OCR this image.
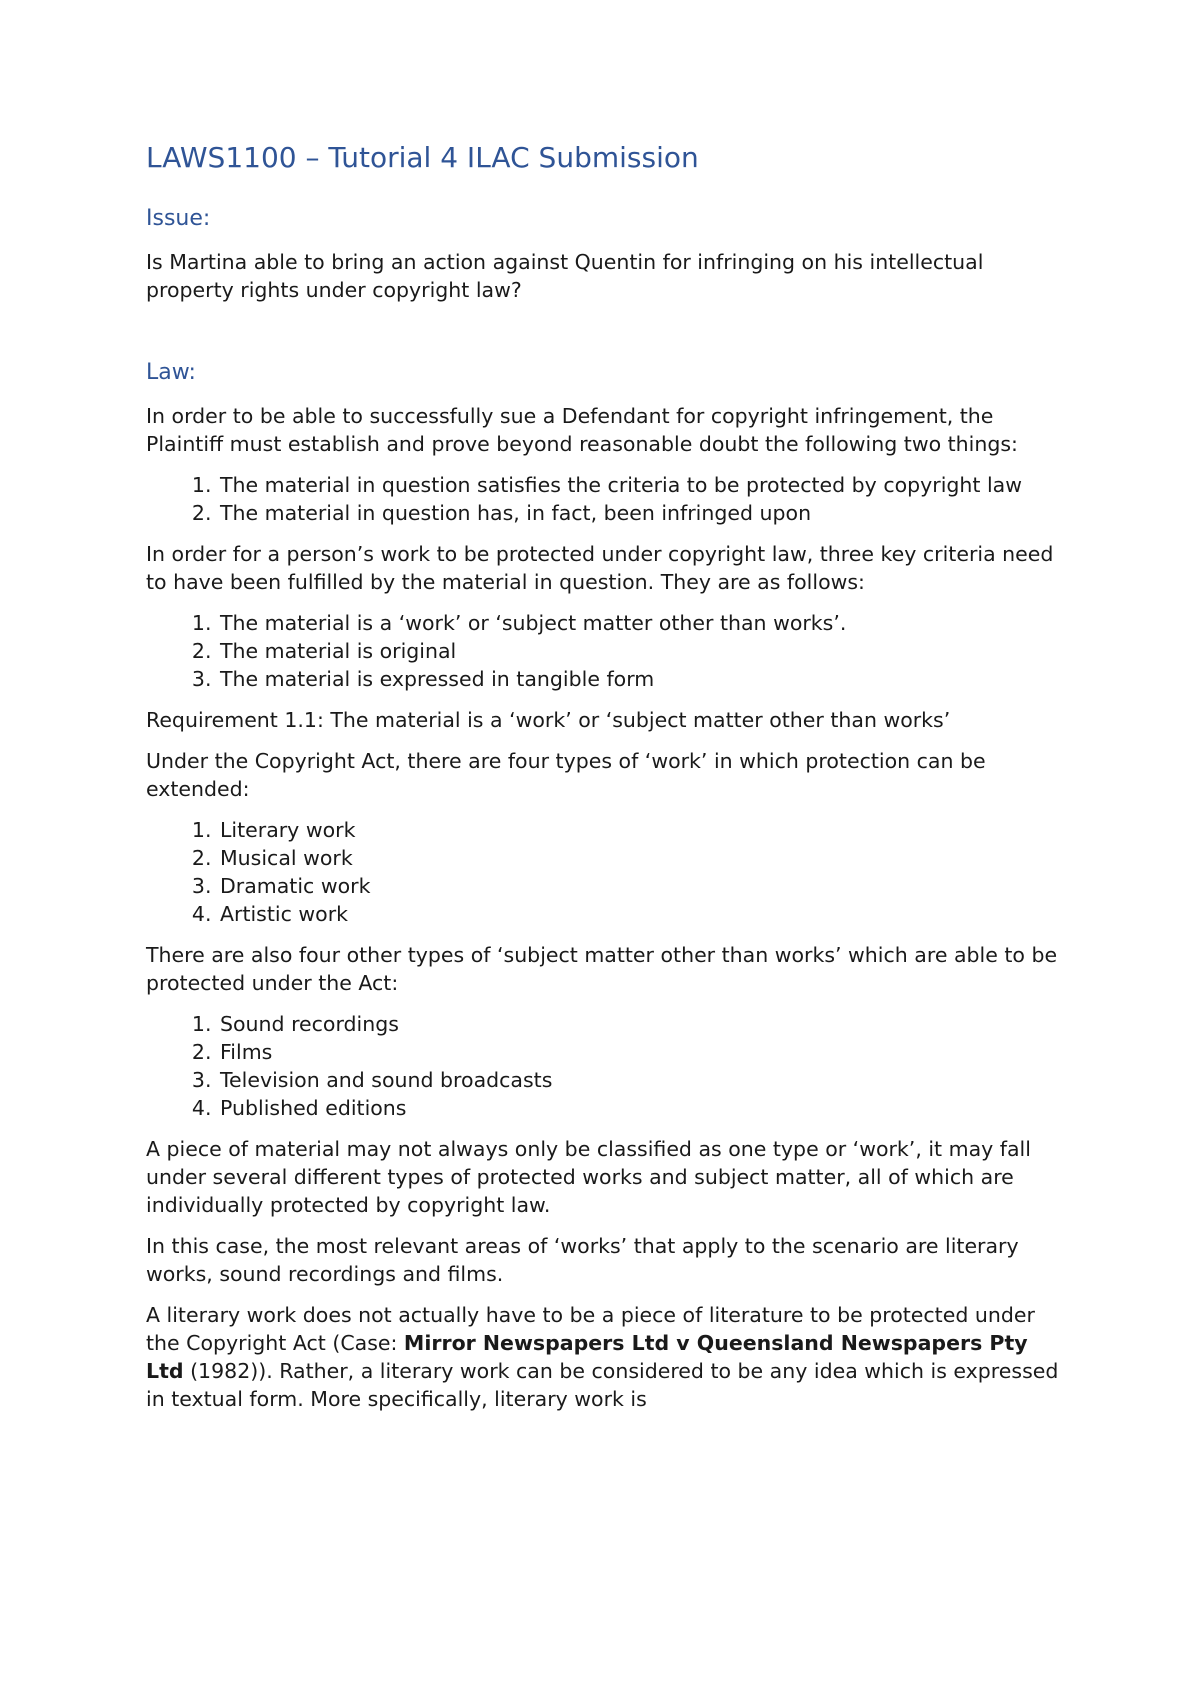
LAWS1100 – Tutorial 4 ILAC Submission
Issue:

Is Martina able to bring an action against Quentin for infringing on his intellectual property rights under copyright law?

Law:

In order to be able to successfully sue a Defendant for copyright infringement, the Plaintiff must establish and prove beyond reasonable doubt the following two things:

1. The material in question satisfies the criteria to be protected by copyright law
2. The material in question has, in fact, been infringed upon

In order for a person’s work to be protected under copyright law, three key criteria need to have been fulfilled by the material in question. They are as follows:

1. The material is a ‘work’ or ‘subject matter other than works’.
2. The material is original
3. The material is expressed in tangible form

Requirement 1.1: The material is a ‘work’ or ‘subject matter other than works’

Under the Copyright Act, there are four types of ‘work’ in which protection can be extended:

1. Literary work
2. Musical work
3. Dramatic work
4. Artistic work

There are also four other types of ‘subject matter other than works’ which are able to be protected under the Act:

1. Sound recordings
2. Films
3. Television and sound broadcasts
4. Published editions

A piece of material may not always only be classified as one type or ‘work’, it may fall under several different types of protected works and subject matter, all of which are individually protected by copyright law.

In this case, the most relevant areas of ‘works’ that apply to the scenario are literary works, sound recordings and films.

A literary work does not actually have to be a piece of literature to be protected under the Copyright Act (Case: Mirror Newspapers Ltd v Queensland Newspapers Pty Ltd (1982)). Rather, a literary work can be considered to be any idea which is expressed in textual form. More specifically, literary work is
